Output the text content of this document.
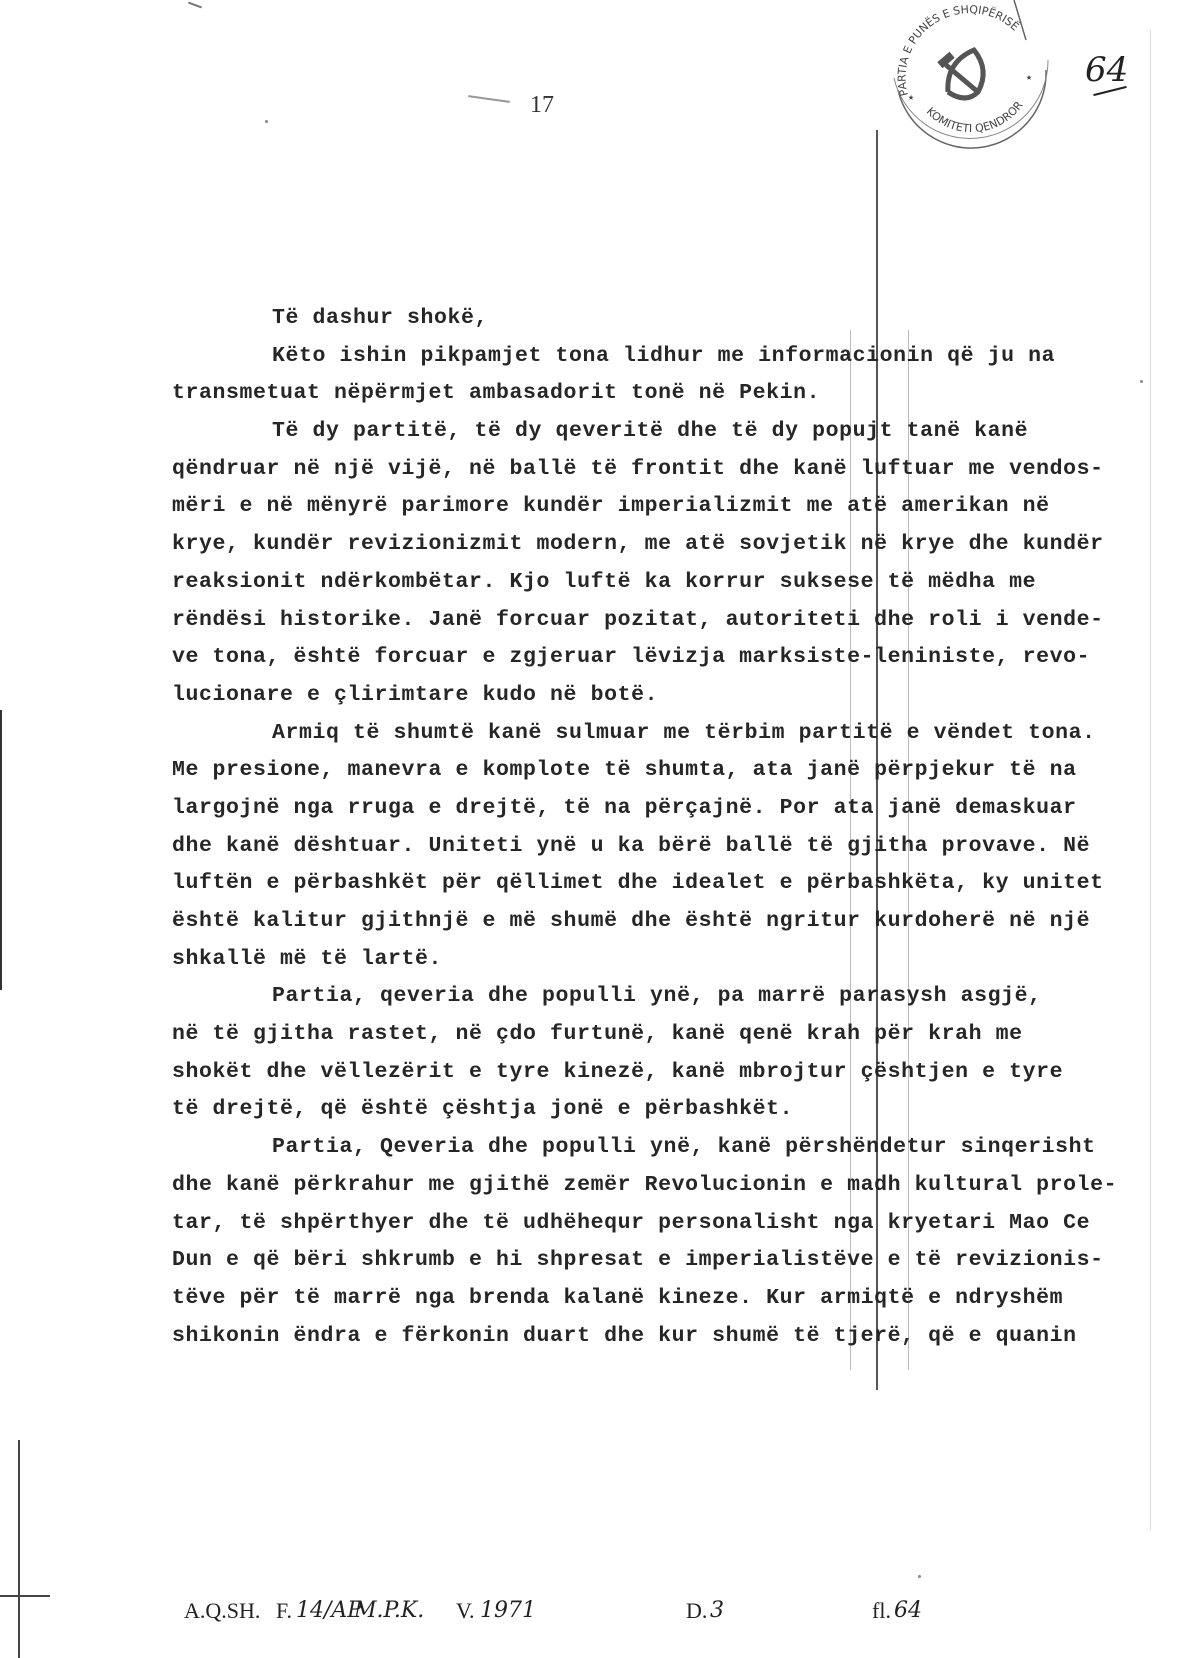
17	PARTIA E PUNËS E SHQIPËRISË
KOMITETI QENDROR
★
★ 64
Të dashur shokë,
Këto ishin pikpamjet tona lidhur me informacionin që ju na
transmetuat nëpërmjet ambasadorit tonë në Pekin.
Të dy partitë, të dy qeveritë dhe të dy popujt tanë kanë
qëndruar në një vijë, në ballë të frontit dhe kanë luftuar me vendos-
mëri e në mënyrë parimore kundër imperializmit me atë amerikan në
krye, kundër revizionizmit modern, me atë sovjetik në krye dhe kundër
reaksionit ndërkombëtar. Kjo luftë ka korrur suksese të mëdha me
rëndësi historike. Janë forcuar pozitat, autoriteti dhe roli i vende-
ve tona, është forcuar e zgjeruar lëvizja marksiste-leniniste, revo-
lucionare e çlirimtare kudo në botë.
Armiq të shumtë kanë sulmuar me tërbim partitë e vëndet tona.
Me presione, manevra e komplote të shumta, ata janë përpjekur të na
largojnë nga rruga e drejtë, të na përçajnë. Por ata janë demaskuar
dhe kanë dështuar. Uniteti ynë u ka bërë ballë të gjitha provave. Në
luftën e përbashkët për qëllimet dhe idealet e përbashkëta, ky unitet
është kalitur gjithnjë e më shumë dhe është ngritur kurdoherë në një
shkallë më të lartë.
Partia, qeveria dhe populli ynë, pa marrë parasysh asgjë,
në të gjitha rastet, në çdo furtunë, kanë qenë krah për krah me
shokët dhe vëllezërit e tyre kinezë, kanë mbrojtur çështjen e tyre
të drejtë, që është çështja jonë e përbashkët.
Partia, Qeveria dhe populli ynë, kanë përshëndetur sinqerisht
dhe kanë përkrahur me gjithë zemër Revolucionin e madh kultural prole-
tar, të shpërthyer dhe të udhëhequr personalisht nga kryetari Mao Ce
Dun e që bëri shkrumb e hi shpresat e imperialistëve e të revizionis-
tëve për të marrë nga brenda kalanë kineze. Kur armiqtë e ndryshëm
shikonin ëndra e fërkonin duart dhe kur shumë të tjerë, që e quanin
A.Q.SH. F. 14/AP
M.P.K. V. 1971	D. 3	fl. 64
